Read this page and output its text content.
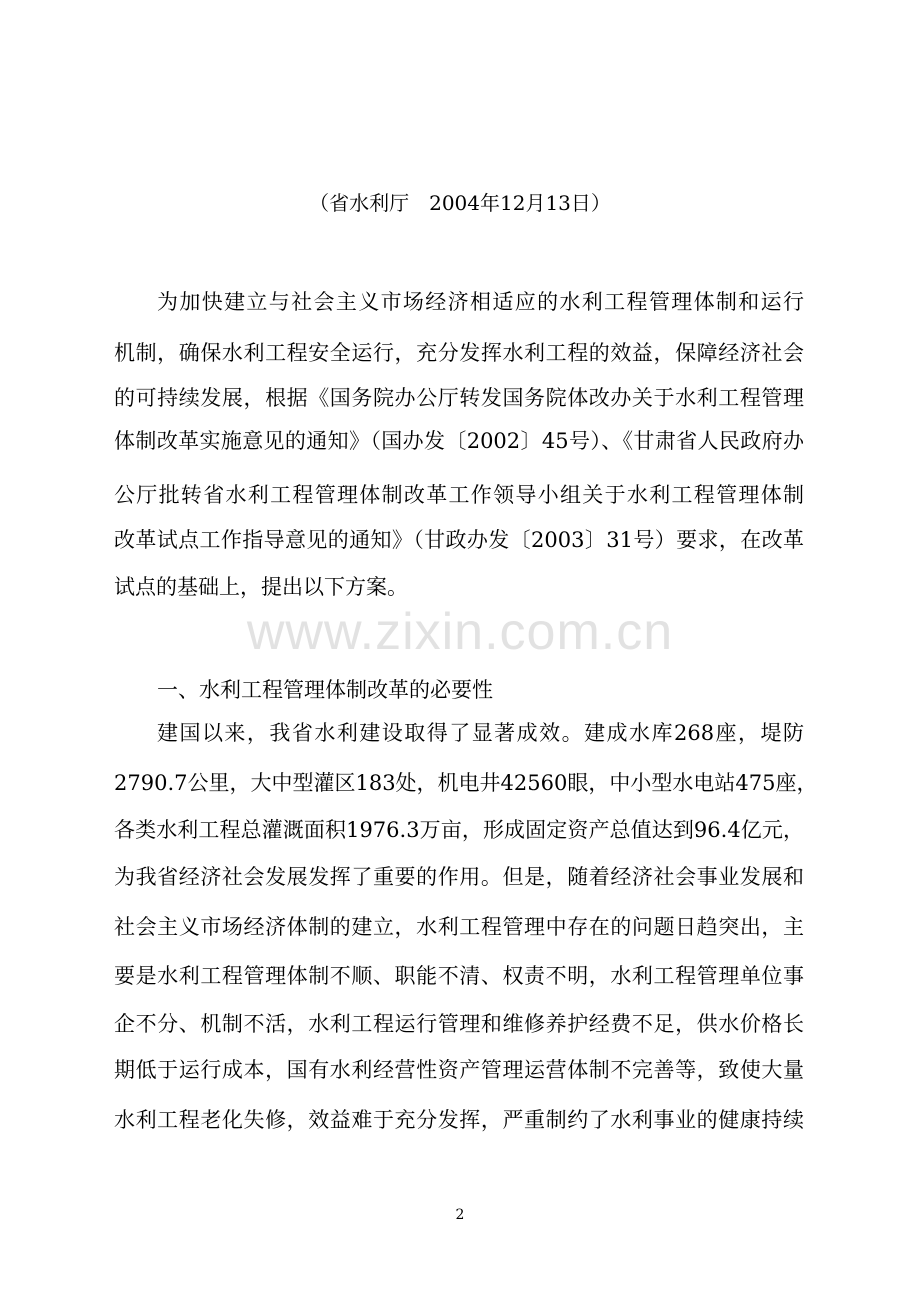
（省水利厅　2004年12月13日）
为加快建立与社会主义市场经济相适应的水利工程管理体制和运行
机制，确保水利工程安全运行，充分发挥水利工程的效益，保障经济社会
的可持续发展，根据《国务院办公厅转发国务院体改办关于水利工程管理
体制改革实施意见的通知》（国办发〔2002〕45号）、《甘肃省人民政府办
公厅批转省水利工程管理体制改革工作领导小组关于水利工程管理体制
改革试点工作指导意见的通知》（甘政办发〔2003〕31号）要求，在改革
试点的基础上，提出以下方案。
www.zixin.com.cn
一、水利工程管理体制改革的必要性
建国以来，我省水利建设取得了显著成效。建成水库268座，堤防
2790.7公里，大中型灌区183处，机电井42560眼，中小型水电站475座，
各类水利工程总灌溉面积1976.3万亩，形成固定资产总值达到96.4亿元，
为我省经济社会发展发挥了重要的作用。但是，随着经济社会事业发展和
社会主义市场经济体制的建立，水利工程管理中存在的问题日趋突出，主
要是水利工程管理体制不顺、职能不清、权责不明，水利工程管理单位事
企不分、机制不活，水利工程运行管理和维修养护经费不足，供水价格长
期低于运行成本，国有水利经营性资产管理运营体制不完善等，致使大量
水利工程老化失修，效益难于充分发挥，严重制约了水利事业的健康持续
2
